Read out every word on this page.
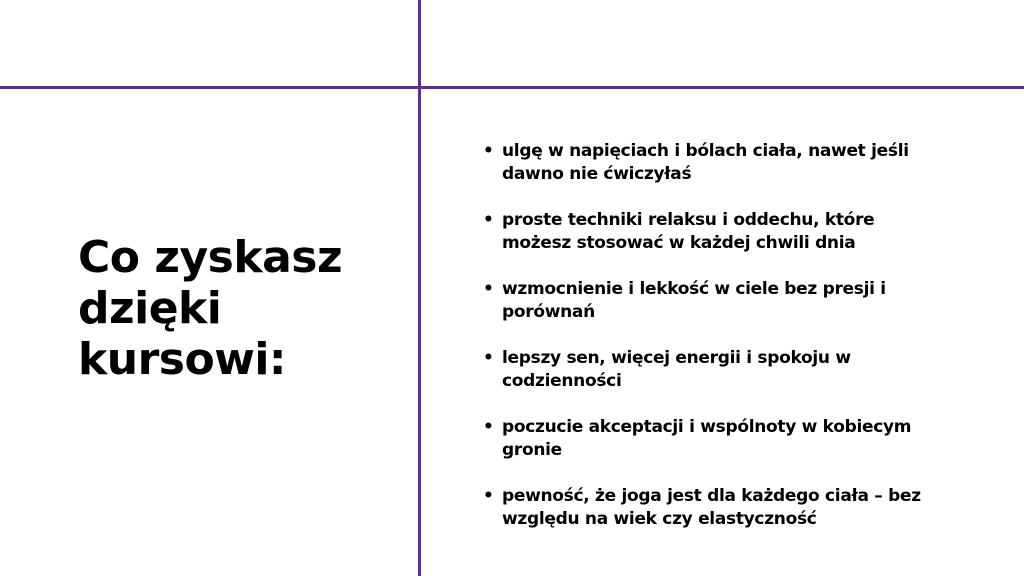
Co zyskasz
dzięki
kursowi:
• ulgę w napięciach i bólach ciała, nawet jeśli
dawno nie ćwiczyłaś
• proste techniki relaksu i oddechu, które
możesz stosować w każdej chwili dnia
• wzmocnienie i lekkość w ciele bez presji i
porównań
• lepszy sen, więcej energii i spokoju w
codzienności
• poczucie akceptacji i wspólnoty w kobiecym
gronie
• pewność, że joga jest dla każdego ciała – bez
względu na wiek czy elastyczność
